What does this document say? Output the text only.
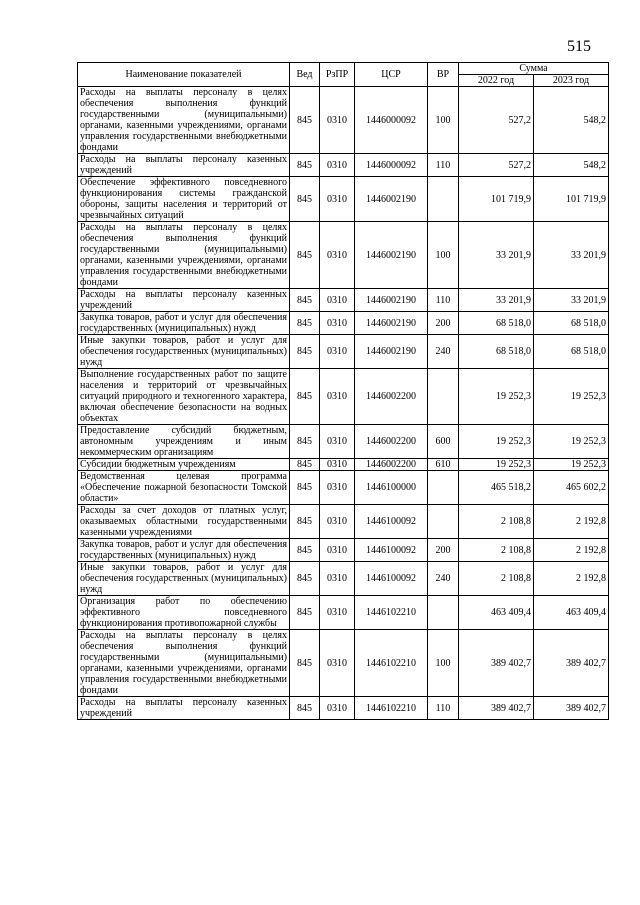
515
Наименование показателей	Вед	РзПР	ЦСР	ВР	Сумма	
					2022 год	2023 год
Расходы на выплаты персоналу в целях обеспечения выполнения функций государственными (муниципальными) органами, казенными учреждениями, органами управления государственными внебюджетными фондами	845	0310	1446000092	100	527,2	548,2
Расходы на выплаты персоналу казенных учреждений	845	0310	1446000092	110	527,2	548,2
Обеспечение эффективного повседневного функционирования системы гражданской обороны, защиты населения и территорий от чрезвычайных ситуаций	845	0310	1446002190		101 719,9	101 719,9
Расходы на выплаты персоналу в целях обеспечения выполнения функций государственными (муниципальными) органами, казенными учреждениями, органами управления государственными внебюджетными фондами	845	0310	1446002190	100	33 201,9	33 201,9
Расходы на выплаты персоналу казенных учреждений	845	0310	1446002190	110	33 201,9	33 201,9
Закупка товаров, работ и услуг для обеспечения государственных (муниципальных) нужд	845	0310	1446002190	200	68 518,0	68 518,0
Иные закупки товаров, работ и услуг для обеспечения государственных (муниципальных) нужд	845	0310	1446002190	240	68 518,0	68 518,0
Выполнение государственных работ по защите населения и территорий от чрезвычайных ситуаций природного и техногенного характера, включая обеспечение безопасности на водных объектах	845	0310	1446002200		19 252,3	19 252,3
Предоставление субсидий бюджетным, автономным учреждениям и иным некоммерческим организациям	845	0310	1446002200	600	19 252,3	19 252,3
Субсидии бюджетным учреждениям	845	0310	1446002200	610	19 252,3	19 252,3
Ведомственная целевая программа «Обеспечение пожарной безопасности Томской области»	845	0310	1446100000		465 518,2	465 602,2
Расходы за счет доходов от платных услуг, оказываемых областными государственными казенными учреждениями	845	0310	1446100092		2 108,8	2 192,8
Закупка товаров, работ и услуг для обеспечения государственных (муниципальных) нужд	845	0310	1446100092	200	2 108,8	2 192,8
Иные закупки товаров, работ и услуг для обеспечения государственных (муниципальных) нужд	845	0310	1446100092	240	2 108,8	2 192,8
Организация работ по обеспечению эффективного повседневного функционирования противопожарной службы	845	0310	1446102210		463 409,4	463 409,4
Расходы на выплаты персоналу в целях обеспечения выполнения функций государственными (муниципальными) органами, казенными учреждениями, органами управления государственными внебюджетными фондами	845	0310	1446102210	100	389 402,7	389 402,7
Расходы на выплаты персоналу казенных учреждений	845	0310	1446102210	110	389 402,7	389 402,7
